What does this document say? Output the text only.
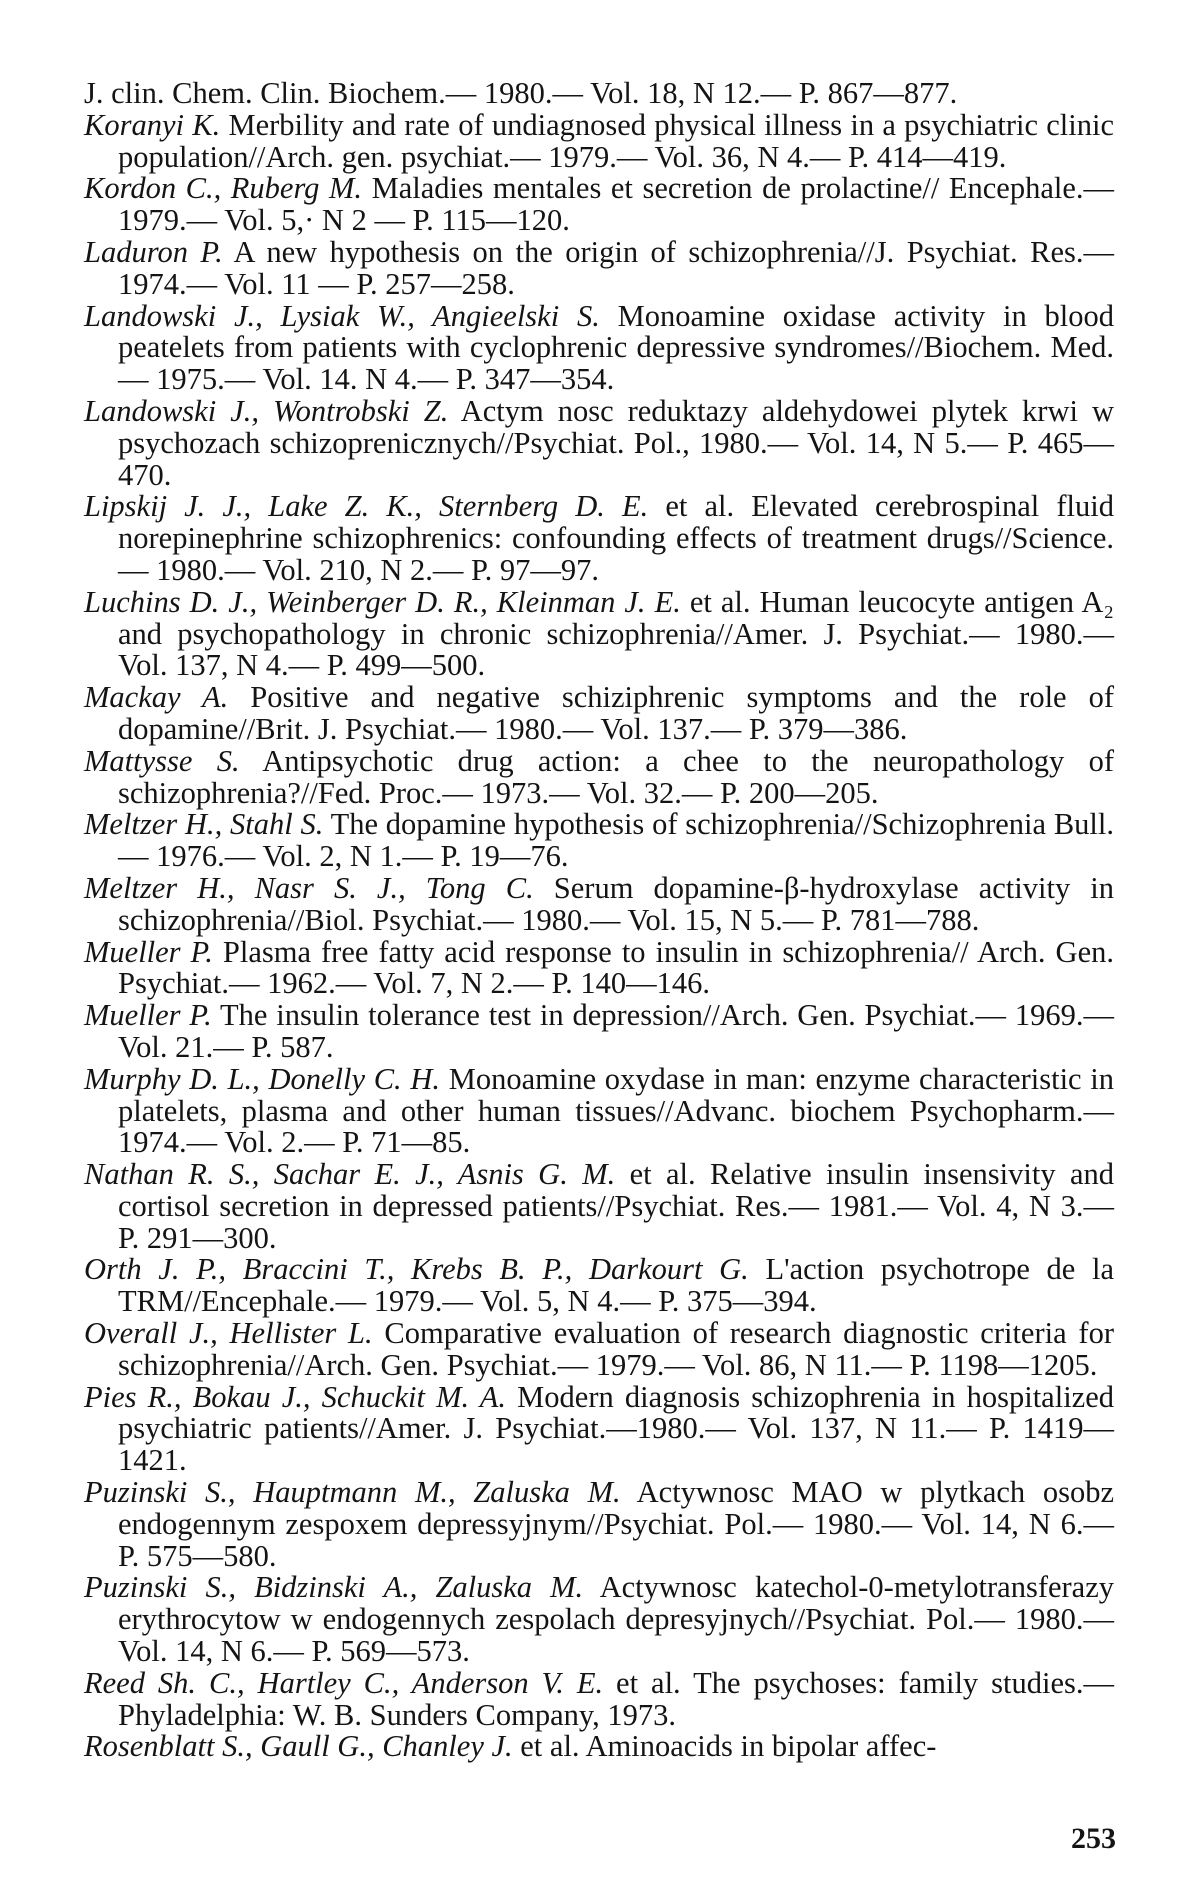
J. clin. Chem. Clin. Biochem.— 1980.— Vol. 18, N 12.— P. 867—877.
Koranyi K. Merbility and rate of undiagnosed physical illness in a psychiatric clinic population//Arch. gen. psychiat.— 1979.— Vol. 36, N 4.— P. 414—419.
Kordon C., Ruberg M. Maladies mentales et secretion de prolactine// Encephale.— 1979.— Vol. 5,· N 2 — P. 115—120.
Laduron P. A new hypothesis on the origin of schizophrenia//J. Psychiat. Res.— 1974.— Vol. 11 — P. 257—258.
Landowski J., Lysiak W., Angieelski S. Monoamine oxidase activity in blood peatelets from patients with cyclophrenic depressive syndromes//Biochem. Med.— 1975.— Vol. 14. N 4.— P. 347—354.
Landowski J., Wontrobski Z. Actym nosc reduktazy aldehydowei plytek krwi w psychozach schizoprenicznych//Psychiat. Pol., 1980.— Vol. 14, N 5.— P. 465—470.
Lipskij J. J., Lake Z. K., Sternberg D. E. et al. Elevated cerebrospinal fluid norepinephrine schizophrenics: confounding effects of treatment drugs//Science.— 1980.— Vol. 210, N 2.— P. 97—97.
Luchins D. J., Weinberger D. R., Kleinman J. E. et al. Human leucocyte antigen A₂ and psychopathology in chronic schizophrenia//Amer. J. Psychiat.— 1980.— Vol. 137, N 4.— P. 499—500.
Mackay A. Positive and negative schiziphrenic symptoms and the role of dopamine//Brit. J. Psychiat.— 1980.— Vol. 137.— P. 379—386.
Mattysse S. Antipsychotic drug action: a chee to the neuropathology of schizophrenia?//Fed. Proc.— 1973.— Vol. 32.— P. 200—205.
Meltzer H., Stahl S. The dopamine hypothesis of schizophrenia//Schizophrenia Bull.— 1976.— Vol. 2, N 1.— P. 19—76.
Meltzer H., Nasr S. J., Tong C. Serum dopamine-β-hydroxylase activity in schizophrenia//Biol. Psychiat.— 1980.— Vol. 15, N 5.— P. 781—788.
Mueller P. Plasma free fatty acid response to insulin in schizophrenia// Arch. Gen. Psychiat.— 1962.— Vol. 7, N 2.— P. 140—146.
Mueller P. The insulin tolerance test in depression//Arch. Gen. Psychiat.— 1969.— Vol. 21.— P. 587.
Murphy D. L., Donelly C. H. Monoamine oxydase in man: enzyme characteristic in platelets, plasma and other human tissues//Advanc. biochem Psychopharm.— 1974.— Vol. 2.— P. 71—85.
Nathan R. S., Sachar E. J., Asnis G. M. et al. Relative insulin insensivity and cortisol secretion in depressed patients//Psychiat. Res.— 1981.— Vol. 4, N 3.— P. 291—300.
Orth J. P., Braccini T., Krebs B. P., Darkourt G. L'action psychotrope de la TRM//Encephale.— 1979.— Vol. 5, N 4.— P. 375—394.
Overall J., Hellister L. Comparative evaluation of research diagnostic criteria for schizophrenia//Arch. Gen. Psychiat.— 1979.— Vol. 86, N 11.— P. 1198—1205.
Pies R., Bokau J., Schuckit M. A. Modern diagnosis schizophrenia in hospitalized psychiatric patients//Amer. J. Psychiat.—1980.— Vol. 137, N 11.— P. 1419—1421.
Puzinski S., Hauptmann M., Zaluska M. Actywnosc MAO w plytkach osobz endogennym zespoxem depressyjnym//Psychiat. Pol.— 1980.— Vol. 14, N 6.— P. 575—580.
Puzinski S., Bidzinski A., Zaluska M. Actywnosc katechol-0-metylotransferazy erythrocytow w endogennych zespolach depresyjnych//Psychiat. Pol.— 1980.— Vol. 14, N 6.— P. 569—573.
Reed Sh. C., Hartley C., Anderson V. E. et al. The psychoses: family studies.— Phyladelphia: W. B. Sunders Company, 1973.
Rosenblatt S., Gaull G., Chanley J. et al. Aminoacids in bipolar affec-
253
